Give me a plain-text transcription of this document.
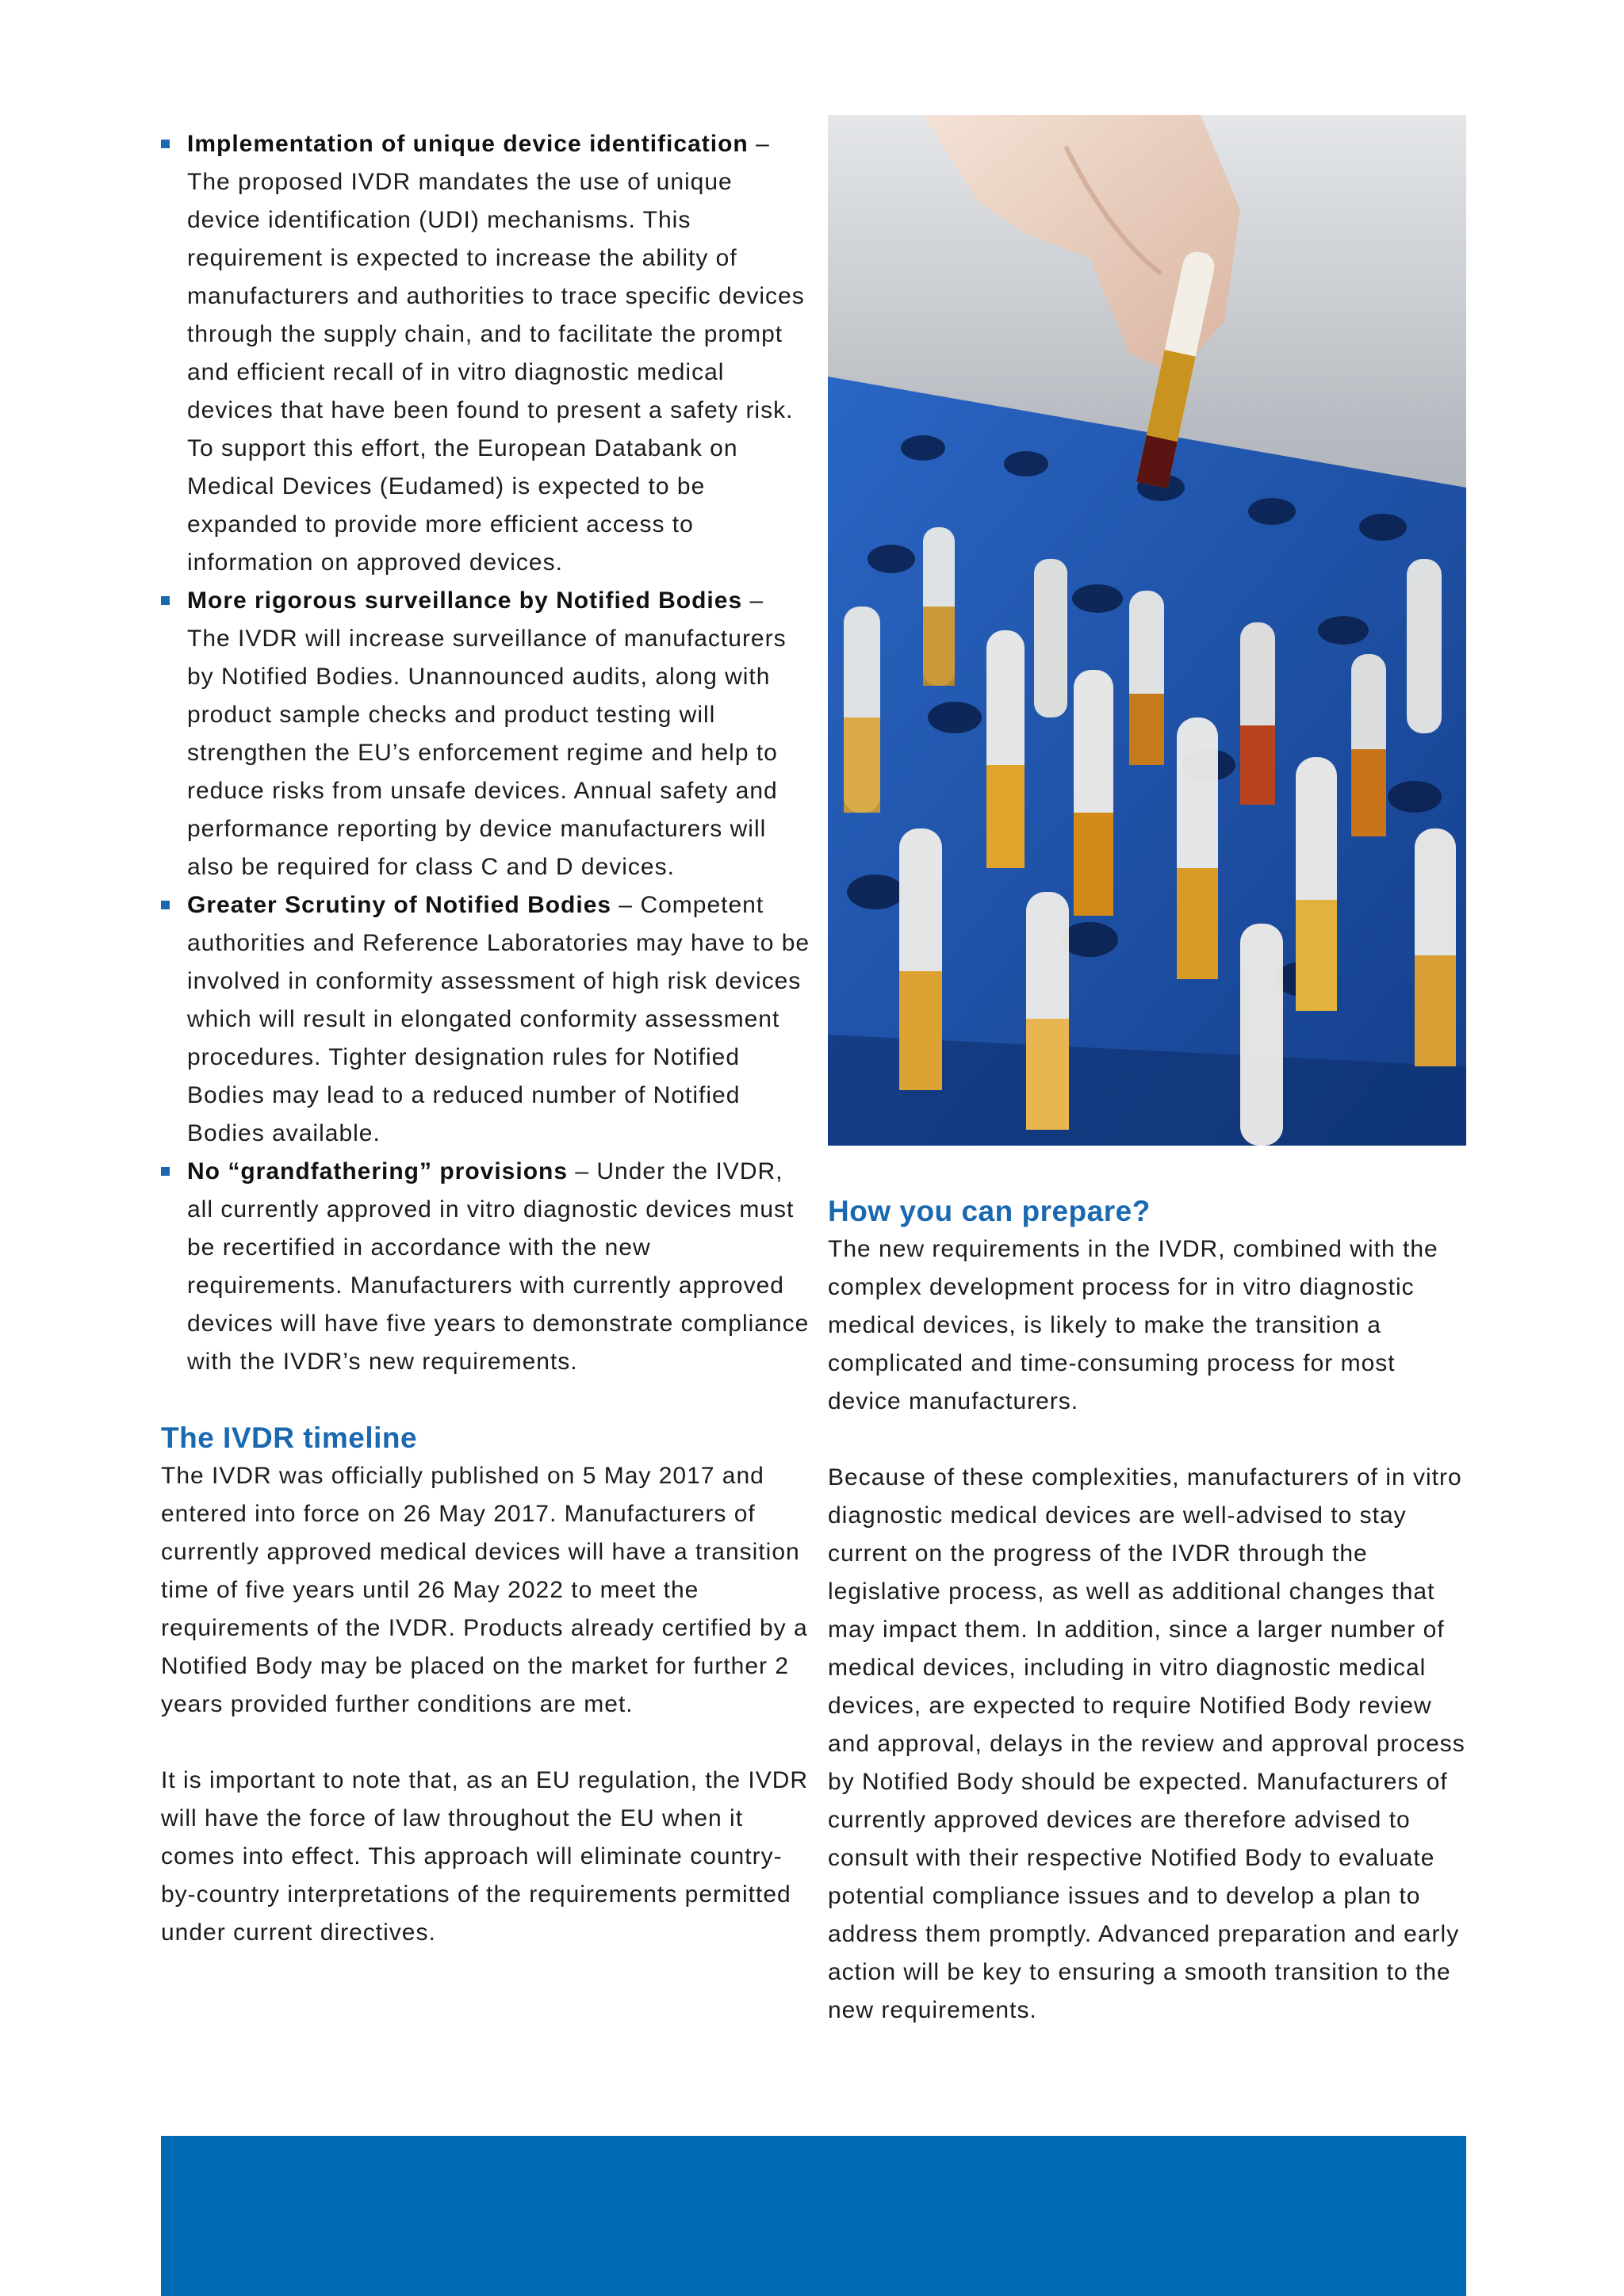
Implementation of unique device identification – The proposed IVDR mandates the use of unique device identification (UDI) mechanisms. This requirement is expected to increase the ability of manufacturers and authorities to trace specific devices through the supply chain, and to facilitate the prompt and efficient recall of in vitro diagnostic medical devices that have been found to present a safety risk. To support this effort, the European Databank on Medical Devices (Eudamed) is expected to be expanded to provide more efficient access to information on approved devices.
More rigorous surveillance by Notified Bodies – The IVDR will increase surveillance of manufacturers by Notified Bodies. Unannounced audits, along with product sample checks and product testing will strengthen the EU’s enforcement regime and help to reduce risks from unsafe devices. Annual safety and performance reporting by device manufacturers will also be required for class C and D devices.
Greater Scrutiny of Notified Bodies – Competent authorities and Reference Laboratories may have to be involved in conformity assessment of high risk devices which will result in elongated conformity assessment procedures. Tighter designation rules for Notified Bodies may lead to a reduced number of Notified Bodies available.
No “grandfathering” provisions – Under the IVDR, all currently approved in vitro diagnostic devices must be recertified in accordance with the new requirements. Manufacturers with currently approved devices will have five years to demonstrate compliance with the IVDR’s new requirements.
The IVDR timeline

The IVDR was officially published on 5 May 2017 and entered into force on 26 May 2017. Manufacturers of currently approved medical devices will have a transition time of five years until 26 May 2022 to meet the requirements of the IVDR. Products already certified by a Notified Body may be placed on the market for further 2 years provided further conditions are met.

It is important to note that, as an EU regulation, the IVDR will have the force of law throughout the EU when it comes into effect. This approach will eliminate country-by-country interpretations of the requirements permitted under current directives.

How you can prepare?

The new requirements in the IVDR, combined with the complex development process for in vitro diagnostic medical devices, is likely to make the transition a complicated and time-consuming process for most device manufacturers.

Because of these complexities, manufacturers of in vitro diagnostic medical devices are well-advised to stay current on the progress of the IVDR through the legislative process, as well as additional changes that may impact them. In addition, since a larger number of medical devices, including in vitro diagnostic medical devices, are expected to require Notified Body review and approval, delays in the review and approval process by Notified Body should be expected. Manufacturers of currently approved devices are therefore advised to consult with their respective Notified Body to evaluate potential compliance issues and to develop a plan to address them promptly. Advanced preparation and early action will be key to ensuring a smooth transition to the new requirements.
